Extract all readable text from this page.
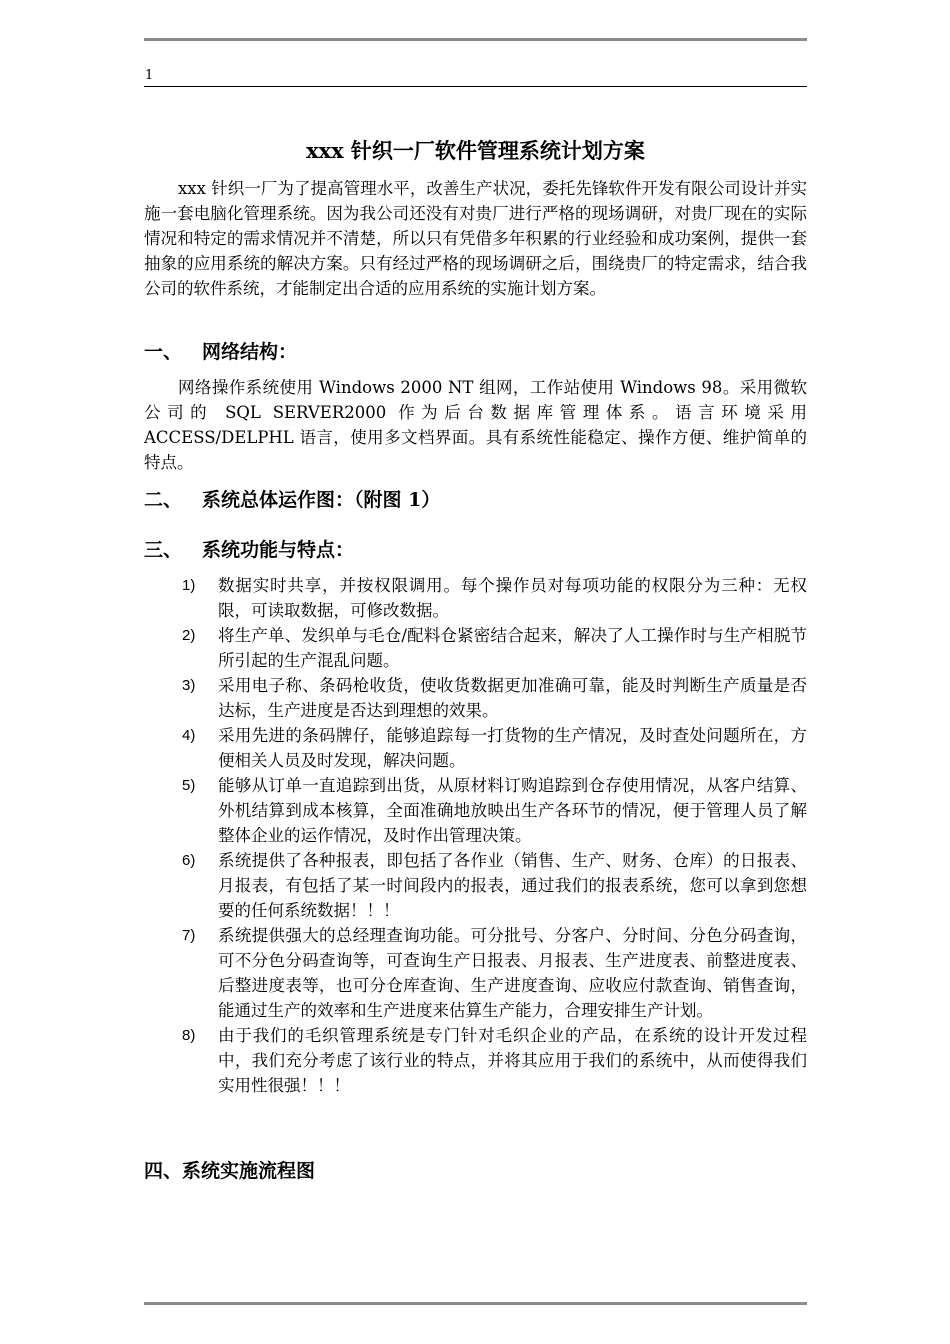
1
xxx 针织一厂软件管理系统计划方案

xxx 针织一厂为了提高管理水平，改善生产状况，委托先锋软件开发有限公司设计并实施一套电脑化管理系统。因为我公司还没有对贵厂进行严格的现场调研，对贵厂现在的实际情况和特定的需求情况并不清楚，所以只有凭借多年积累的行业经验和成功案例，提供一套抽象的应用系统的解决方案。只有经过严格的现场调研之后，围绕贵厂的特定需求，结合我公司的软件系统，才能制定出合适的应用系统的实施计划方案。

一、 网络结构：

网络操作系统使用 Windows 2000 NT 组网，工作站使用 Windows 98。采用微软公司的 SQL SERVER2000 作为后台数据库管理体系。语言环境采用 ACCESS/DELPHL 语言，使用多文档界面。具有系统性能稳定、操作方便、维护简单的特点。

二、 系统总体运作图：（附图 1）
三、 系统功能与特点：
1)	数据实时共享，并按权限调用。每个操作员对每项功能的权限分为三种：无权限，可读取数据，可修改数据。
2)	将生产单、发织单与毛仓/配料仓紧密结合起来，解决了人工操作时与生产相脱节所引起的生产混乱问题。
3)	采用电子称、条码枪收货，使收货数据更加准确可靠，能及时判断生产质量是否达标，生产进度是否达到理想的效果。
4)	采用先进的条码牌仔，能够追踪每一打货物的生产情况，及时查处问题所在，方便相关人员及时发现，解决问题。
5)	能够从订单一直追踪到出货，从原材料订购追踪到仓存使用情况，从客户结算、外机结算到成本核算，全面准确地放映出生产各环节的情况，便于管理人员了解整体企业的运作情况，及时作出管理决策。
6)	系统提供了各种报表，即包括了各作业（销售、生产、财务、仓库）的日报表、月报表，有包括了某一时间段内的报表，通过我们的报表系统，您可以拿到您想要的任何系统数据！！！
7)	系统提供强大的总经理查询功能。可分批号、分客户、分时间、分色分码查询，可不分色分码查询等，可查询生产日报表、月报表、生产进度表、前整进度表、后整进度表等，也可分仓库查询、生产进度查询、应收应付款查询、销售查询，能通过生产的效率和生产进度来估算生产能力，合理安排生产计划。
8)	由于我们的毛织管理系统是专门针对毛织企业的产品，在系统的设计开发过程中，我们充分考虑了该行业的特点，并将其应用于我们的系统中，从而使得我们实用性很强！！！
四、系统实施流程图
